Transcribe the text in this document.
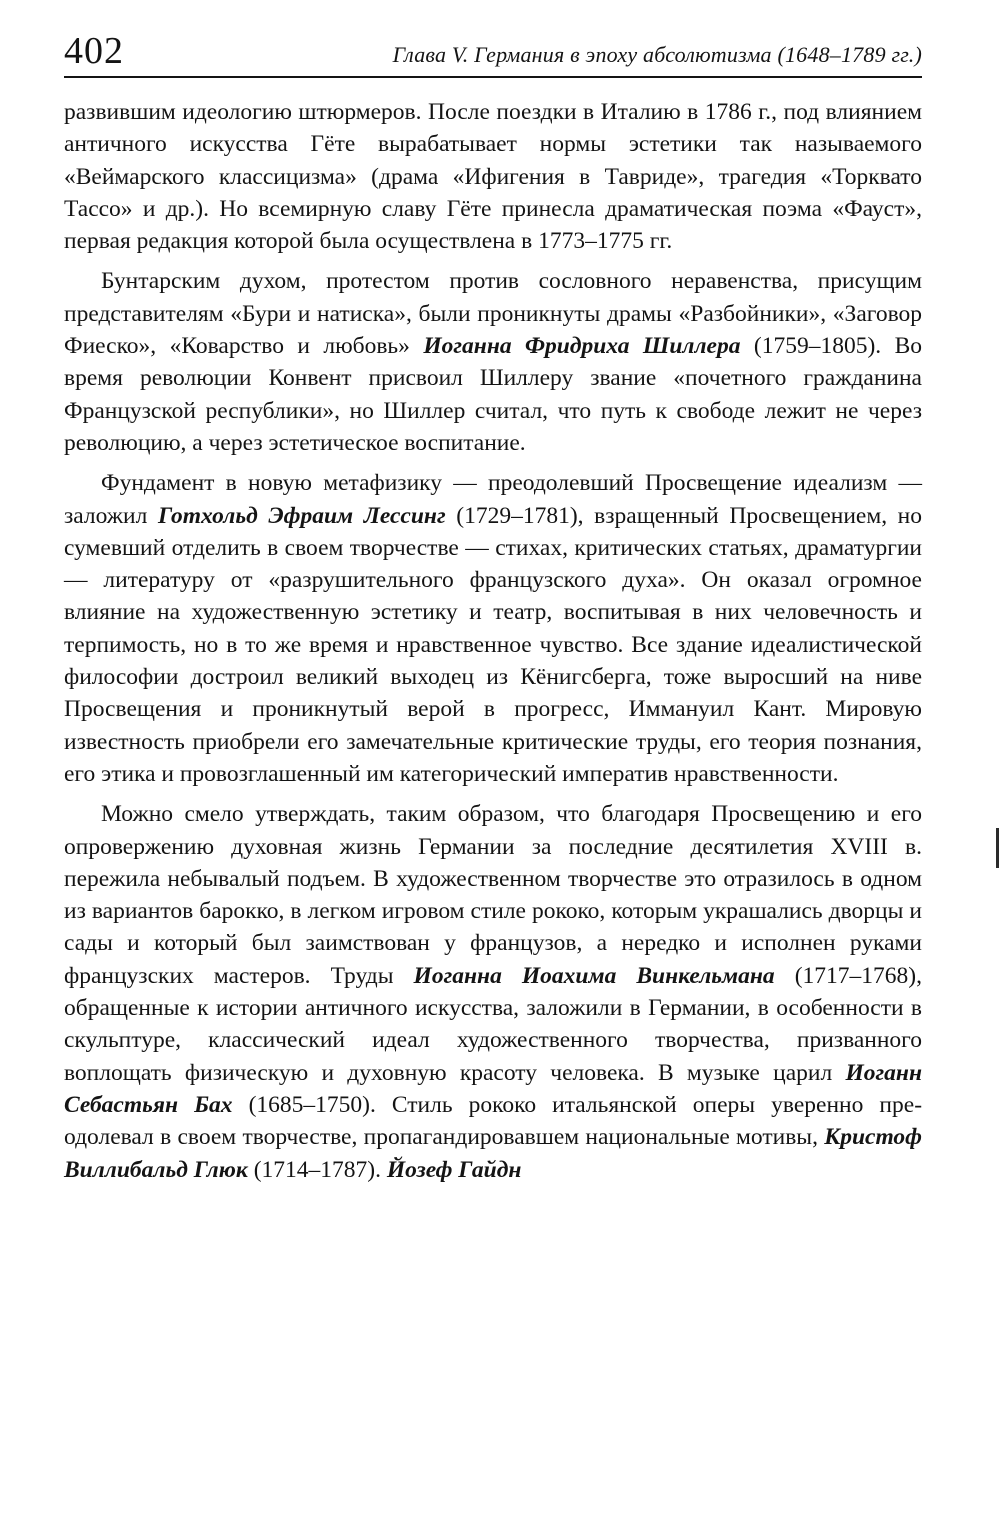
402	Глава V. Германия в эпоху абсолютизма (1648–1789 гг.)

развившим идеологию штюрмеров. После поездки в Италию в 1786 г., под влиянием античного искусства Гёте вырабатывает нормы эстетики так называемого «Веймарского классицизма» (драма «Ифигения в Тавриде», трагедия «Торквато Тассо» и др.). Но всемирную славу Гёте принесла драматическая поэма «Фауст», первая редакция которой была осуществлена в 1773–1775 гг.

Бунтарским духом, протестом против сословного неравенства, присущим представителям «Бури и натиска», были проникнуты драмы «Разбойники», «Заговор Фиеско», «Коварство и любовь» Иоганна Фридриха Шиллера (1759–1805). Во время революции Конвент присвоил Шиллеру звание «почетного гражданина Французской республики», но Шиллер считал, что путь к свободе лежит не через революцию, а через эстетическое воспитание.

Фундамент в новую метафизику — преодолевший Просвещение идеализм — заложил Готхольд Эфраим Лессинг (1729–1781), взращенный Просвещением, но сумевший отделить в своем творчестве — стихах, критических статьях, драматургии — литературу от «разрушительного французского духа». Он оказал огромное влияние на художественную эстетику и театр, воспитывая в них человечность и терпимость, но в то же время и нравственное чувство. Все здание идеалистической философии достроил великий выходец из Кёнигсберга, тоже выросший на ниве Просвещения и проникнутый верой в прогресс, Иммануил Кант. Мировую известность приобрели его замечательные критические труды, его теория познания, его этика и провозглашенный им категорический императив нравственности.

Можно смело утверждать, таким образом, что благодаря Просвещению и его опровержению духовная жизнь Германии за последние десятилетия XVIII в. пережила небывалый подъем. В художественном творчестве это отразилось в одном из вариантов барокко, в легком игровом стиле рококо, которым украшались дворцы и сады и который был заимствован у французов, а нередко и исполнен руками французских мастеров. Труды Иоганна Иоахима Винкельмана (1717–1768), обращенные к истории античного искусства, заложили в Германии, в особенности в скульптуре, классический идеал художественного творчества, призванного воплощать физическую и духовную красоту человека. В музыке царил Иоганн Себастьян Бах (1685–1750). Стиль рококо итальянской оперы уверенно преодолевал в своем творчестве, пропагандировавшем национальные мотивы, Кристоф Виллибальд Глюк (1714–1787). Йозеф Гайдн
